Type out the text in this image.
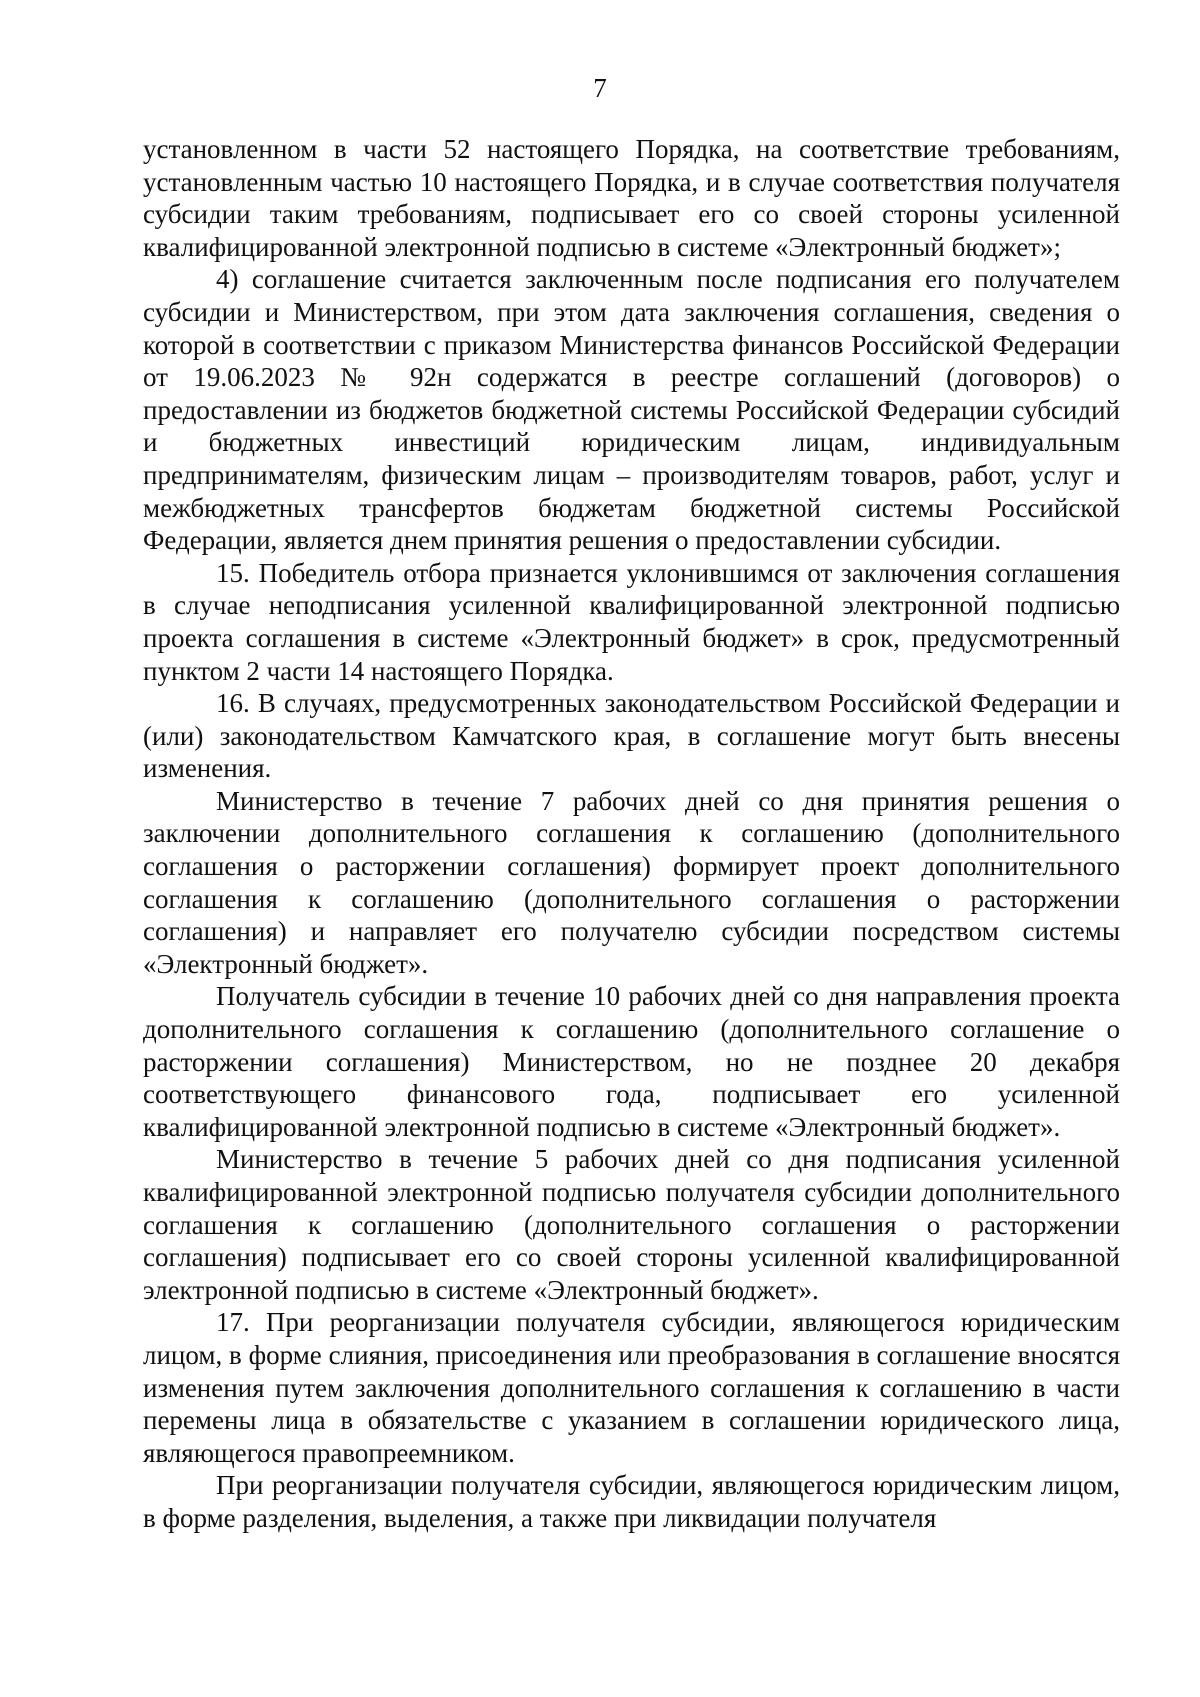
7

установленном в части 52 настоящего Порядка, на соответствие требованиям, установленным частью 10 настоящего Порядка, и в случае соответствия получателя субсидии таким требованиям, подписывает его со своей стороны усиленной квалифицированной электронной подписью в системе «Электронный бюджет»;

4) соглашение считается заключенным после подписания его получателем субсидии и Министерством, при этом дата заключения соглашения, сведения о которой в соответствии с приказом Министерства финансов Российской Федерации от 19.06.2023 № 92н содержатся в реестре соглашений (договоров) о предоставлении из бюджетов бюджетной системы Российской Федерации субсидий и бюджетных инвестиций юридическим лицам, индивидуальным предпринимателям, физическим лицам – производителям товаров, работ, услуг и межбюджетных трансфертов бюджетам бюджетной системы Российской Федерации, является днем принятия решения о предоставлении субсидии.

15. Победитель отбора признается уклонившимся от заключения соглашения в случае неподписания усиленной квалифицированной электронной подписью проекта соглашения в системе «Электронный бюджет» в срок, предусмотренный пунктом 2 части 14 настоящего Порядка.

16. В случаях, предусмотренных законодательством Российской Федерации и (или) законодательством Камчатского края, в соглашение могут быть внесены изменения.

Министерство в течение 7 рабочих дней со дня принятия решения о заключении дополнительного соглашения к соглашению (дополнительного соглашения о расторжении соглашения) формирует проект дополнительного соглашения к соглашению (дополнительного соглашения о расторжении соглашения) и направляет его получателю субсидии посредством системы «Электронный бюджет».

Получатель субсидии в течение 10 рабочих дней со дня направления проекта дополнительного соглашения к соглашению (дополнительного соглашение о расторжении соглашения) Министерством, но не позднее 20 декабря соответствующего финансового года, подписывает его усиленной квалифицированной электронной подписью в системе «Электронный бюджет».

Министерство в течение 5 рабочих дней со дня подписания усиленной квалифицированной электронной подписью получателя субсидии дополнительного соглашения к соглашению (дополнительного соглашения о расторжении соглашения) подписывает его со своей стороны усиленной квалифицированной электронной подписью в системе «Электронный бюджет».

17. При реорганизации получателя субсидии, являющегося юридическим лицом, в форме слияния, присоединения или преобразования в соглашение вносятся изменения путем заключения дополнительного соглашения к соглашению в части перемены лица в обязательстве с указанием в соглашении юридического лица, являющегося правопреемником.

При реорганизации получателя субсидии, являющегося юридическим лицом, в форме разделения, выделения, а также при ликвидации получателя
